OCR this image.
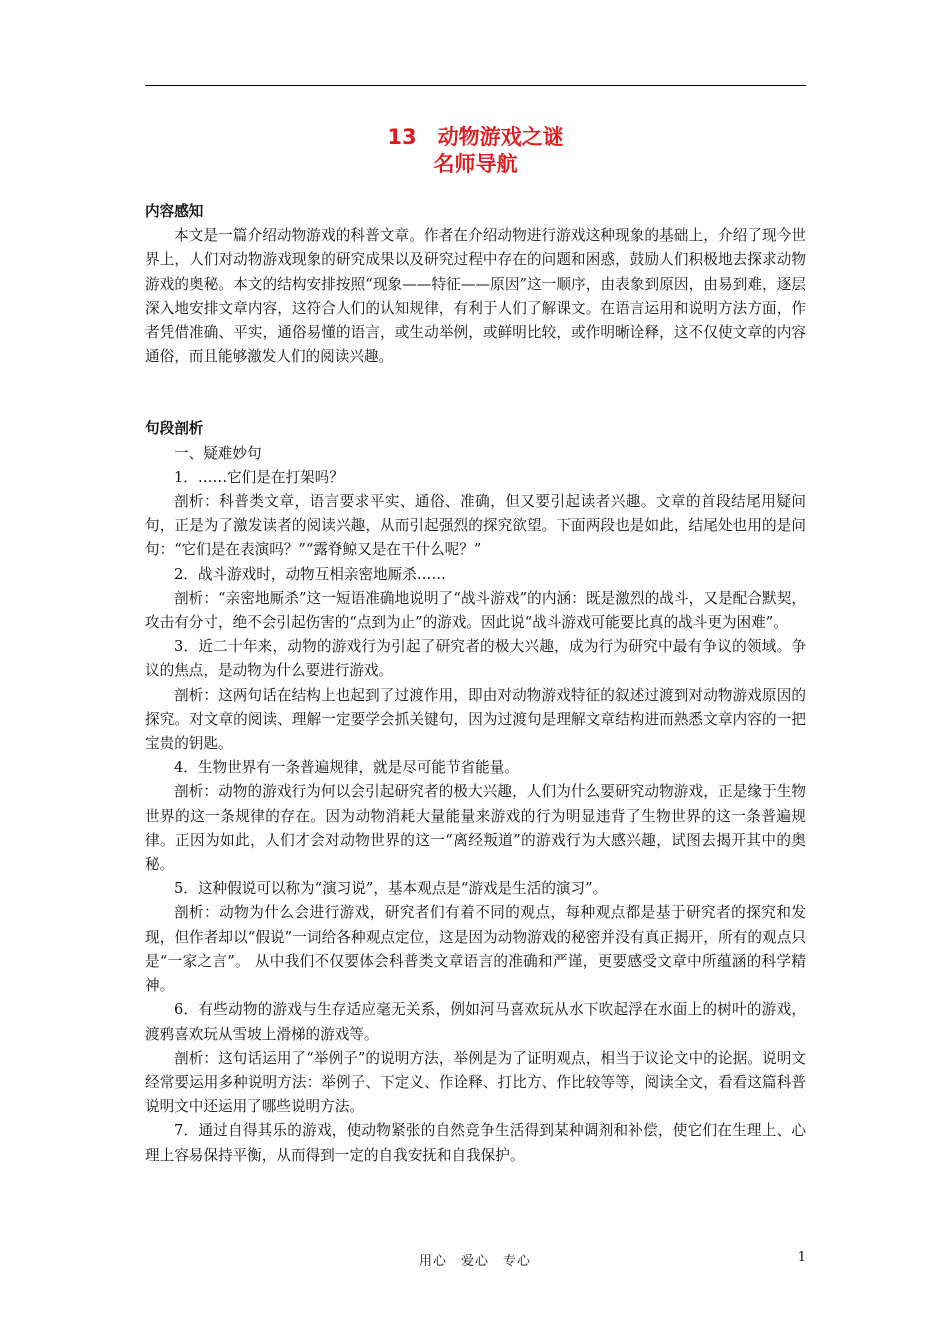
13　动物游戏之谜
名师导航

内容感知

本文是一篇介绍动物游戏的科普文章。作者在介绍动物进行游戏这种现象的基础上，介绍了现今世界上，人们对动物游戏现象的研究成果以及研究过程中存在的问题和困惑，鼓励人们积极地去探求动物游戏的奥秘。本文的结构安排按照“现象——特征——原因”这一顺序，由表象到原因，由易到难，逐层深入地安排文章内容，这符合人们的认知规律，有利于人们了解课文。在语言运用和说明方法方面，作者凭借准确、平实，通俗易懂的语言，或生动举例，或鲜明比较，或作明晰诠释，这不仅使文章的内容通俗，而且能够激发人们的阅读兴趣。

句段剖析

一、疑难妙句

1．……它们是在打架吗？

剖析：科普类文章，语言要求平实、通俗、准确，但又要引起读者兴趣。文章的首段结尾用疑问句，正是为了激发读者的阅读兴趣，从而引起强烈的探究欲望。下面两段也是如此，结尾处也用的是问句：“它们是在表演吗？”“露脊鲸又是在干什么呢？”

2．战斗游戏时，动物互相亲密地厮杀……

剖析：“亲密地厮杀”这一短语准确地说明了“战斗游戏”的内涵：既是激烈的战斗，又是配合默契，攻击有分寸，绝不会引起伤害的“点到为止”的游戏。因此说“战斗游戏可能要比真的战斗更为困难”。

3．近二十年来，动物的游戏行为引起了研究者的极大兴趣，成为行为研究中最有争议的领域。争议的焦点，是动物为什么要进行游戏。

剖析：这两句话在结构上也起到了过渡作用，即由对动物游戏特征的叙述过渡到对动物游戏原因的探究。对文章的阅读、理解一定要学会抓关键句，因为过渡句是理解文章结构进而熟悉文章内容的一把宝贵的钥匙。

4．生物世界有一条普遍规律，就是尽可能节省能量。

剖析：动物的游戏行为何以会引起研究者的极大兴趣，人们为什么要研究动物游戏，正是缘于生物世界的这一条规律的存在。因为动物消耗大量能量来游戏的行为明显违背了生物世界的这一条普遍规律。正因为如此，人们才会对动物世界的这一“离经叛道”的游戏行为大感兴趣，试图去揭开其中的奥秘。

5．这种假说可以称为“演习说”，基本观点是“游戏是生活的演习”。

剖析：动物为什么会进行游戏，研究者们有着不同的观点，每种观点都是基于研究者的探究和发现，但作者却以“假说”一词给各种观点定位，这是因为动物游戏的秘密并没有真正揭开，所有的观点只是“一家之言”。 从中我们不仅要体会科普类文章语言的准确和严谨，更要感受文章中所蕴涵的科学精神。

6．有些动物的游戏与生存适应毫无关系，例如河马喜欢玩从水下吹起浮在水面上的树叶的游戏，渡鸦喜欢玩从雪坡上滑梯的游戏等。

剖析：这句话运用了“举例子”的说明方法，举例是为了证明观点，相当于议论文中的论据。说明文经常要运用多种说明方法：举例子、下定义、作诠释、打比方、作比较等等，阅读全文，看看这篇科普说明文中还运用了哪些说明方法。

7．通过自得其乐的游戏，使动物紧张的自然竞争生活得到某种调剂和补偿，使它们在生理上、心理上容易保持平衡，从而得到一定的自我安抚和自我保护。

用心　爱心　专心	1
